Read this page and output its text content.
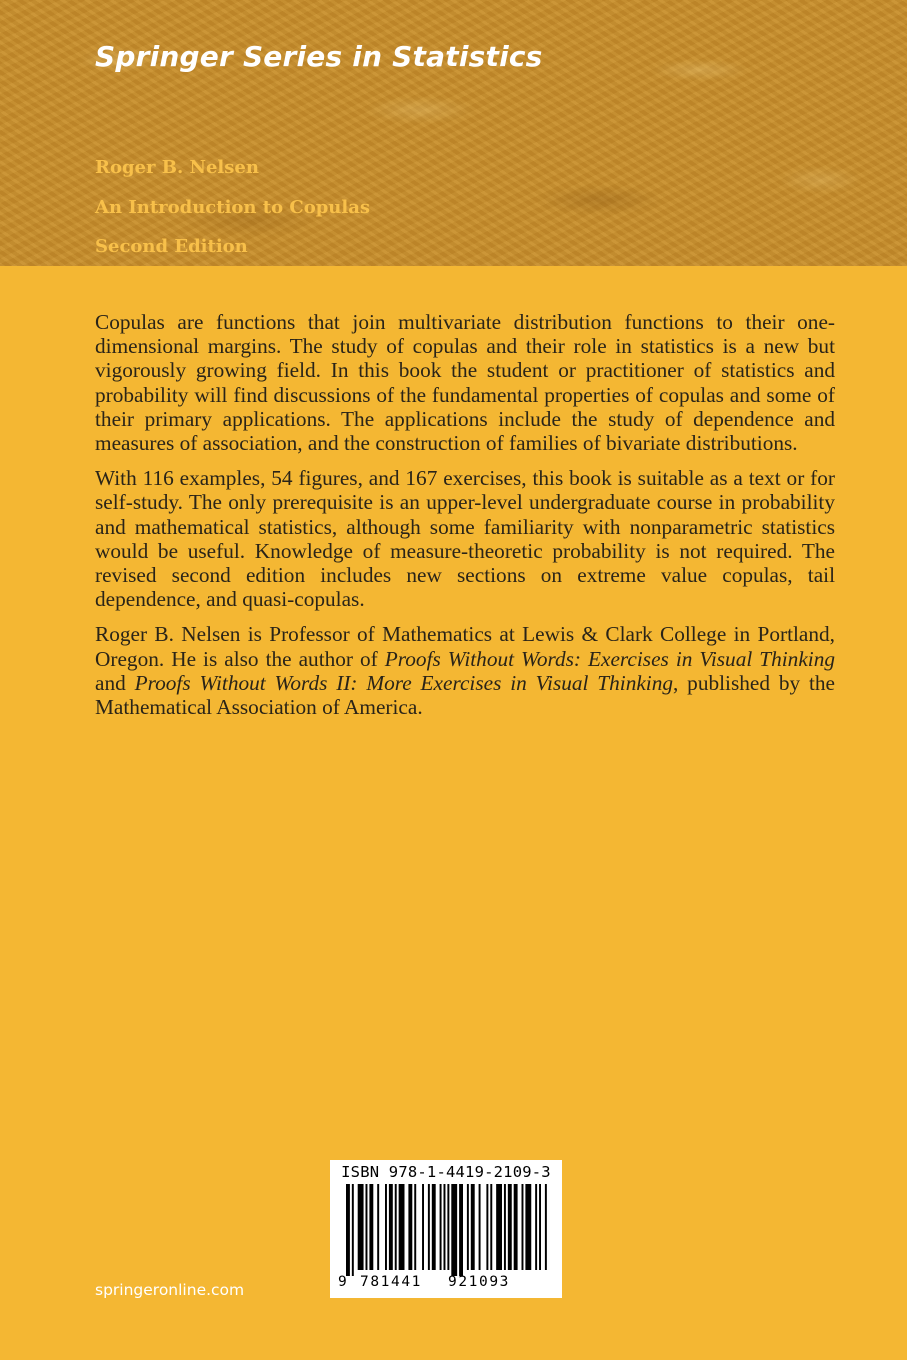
Springer Series in Statistics
Roger B. Nelsen
An Introduction to Copulas
Second Edition

Copulas are functions that join multivariate distribution functions to their one-dimensional margins. The study of copulas and their role in statistics is a new but vigorously growing field. In this book the student or practitioner of statistics and probability will find discussions of the fundamental properties of copulas and some of their primary applications. The applications include the study of dependence and measures of association, and the construction of families of bivariate distributions.

With 116 examples, 54 figures, and 167 exercises, this book is suitable as a text or for self-study. The only prerequisite is an upper-level undergraduate course in probability and mathematical statistics, although some familiarity with nonparametric statistics would be useful. Knowledge of measure-theoretic probability is not required. The revised second edition includes new sections on extreme value copulas, tail dependence, and quasi-copulas.

Roger B. Nelsen is Professor of Mathematics at Lewis & Clark College in Portland, Oregon. He is also the author of Proofs Without Words: Exercises in Visual Thinking and Proofs Without Words II: More Exercises in Visual Thinking, published by the Mathematical Association of America.

springeronline.com
ISBN 978-1-4419-2109-3
9 781441 921093
